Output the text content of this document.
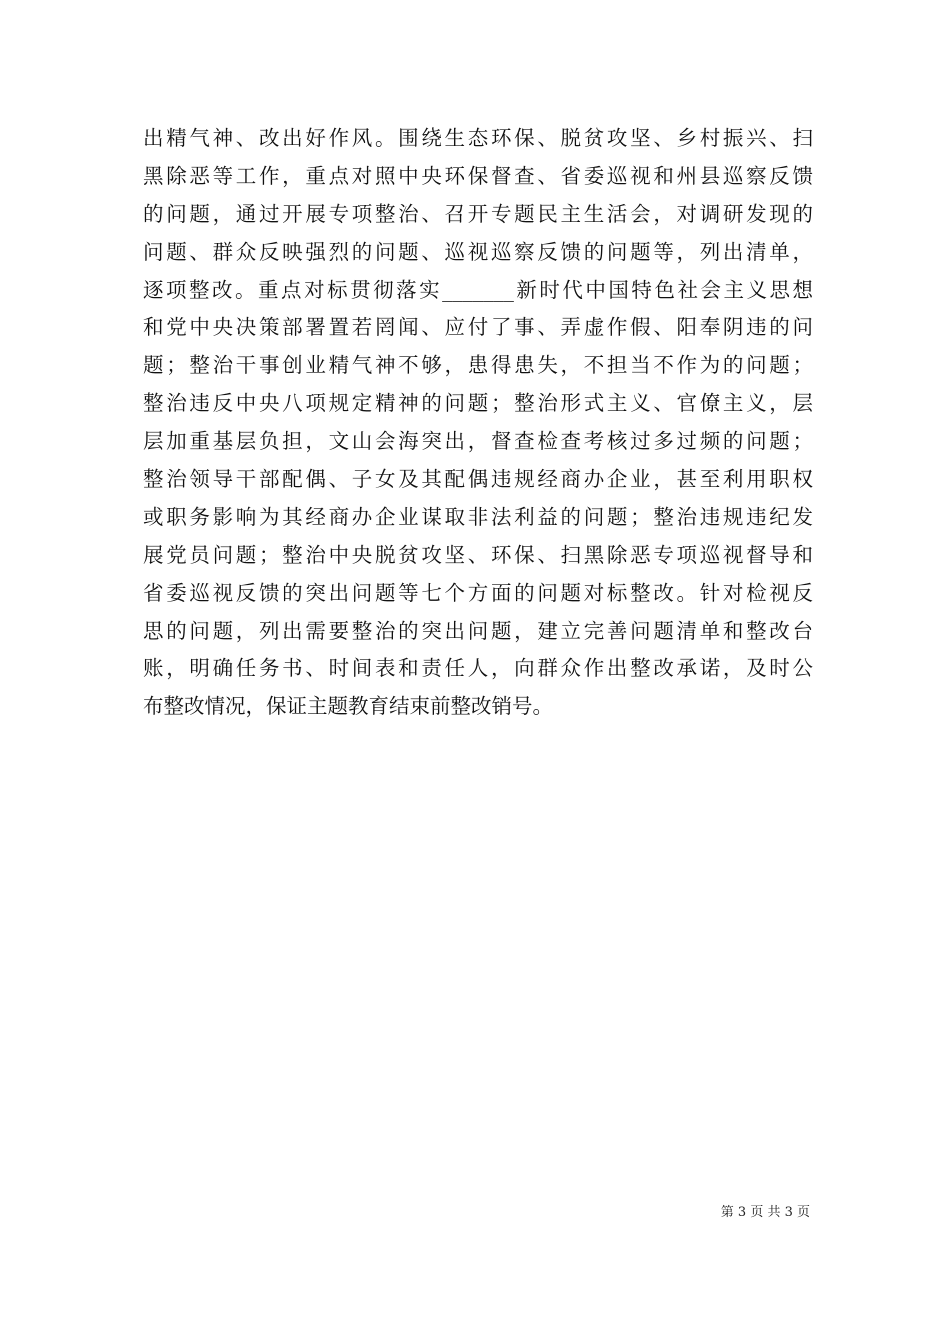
出精气神、改出好作风。围绕生态环保、脱贫攻坚、乡村振兴、扫
黑除恶等工作，重点对照中央环保督查、省委巡视和州县巡察反馈
的问题，通过开展专项整治、召开专题民主生活会，对调研发现的
问题、群众反映强烈的问题、巡视巡察反馈的问题等，列出清单，
逐项整改。重点对标贯彻落实_______新时代中国特色社会主义思想
和党中央决策部署置若罔闻、应付了事、弄虚作假、阳奉阴违的问
题；整治干事创业精气神不够，患得患失，不担当不作为的问题；
整治违反中央八项规定精神的问题；整治形式主义、官僚主义，层
层加重基层负担，文山会海突出，督查检查考核过多过频的问题；
整治领导干部配偶、子女及其配偶违规经商办企业，甚至利用职权
或职务影响为其经商办企业谋取非法利益的问题；整治违规违纪发
展党员问题；整治中央脱贫攻坚、环保、扫黑除恶专项巡视督导和
省委巡视反馈的突出问题等七个方面的问题对标整改。针对检视反
思的问题，列出需要整治的突出问题，建立完善问题清单和整改台
账，明确任务书、时间表和责任人，向群众作出整改承诺，及时公
布整改情况，保证主题教育结束前整改销号。
第 3 页 共 3 页
